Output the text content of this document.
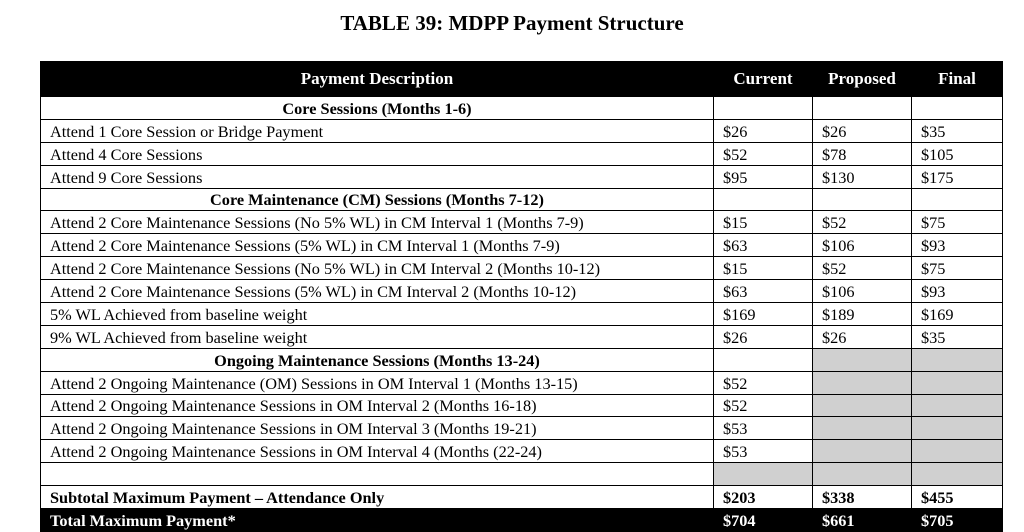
TABLE 39: MDPP Payment Structure
Payment Description	Current	Proposed	Final
Core Sessions (Months 1-6)			
Attend 1 Core Session or Bridge Payment	$26	$26	$35
Attend 4 Core Sessions	$52	$78	$105
Attend 9 Core Sessions	$95	$130	$175
Core Maintenance (CM) Sessions (Months 7-12)			
Attend 2 Core Maintenance Sessions (No 5% WL) in CM Interval 1 (Months 7-9)	$15	$52	$75
Attend 2 Core Maintenance Sessions (5% WL) in CM Interval 1 (Months 7-9)	$63	$106	$93
Attend 2 Core Maintenance Sessions (No 5% WL) in CM Interval 2 (Months 10-12)	$15	$52	$75
Attend 2 Core Maintenance Sessions (5% WL) in CM Interval 2 (Months 10-12)	$63	$106	$93
5% WL Achieved from baseline weight	$169	$189	$169
9% WL Achieved from baseline weight	$26	$26	$35
Ongoing Maintenance Sessions (Months 13-24)			
Attend 2 Ongoing Maintenance (OM) Sessions in OM Interval 1 (Months 13-15)	$52		
Attend 2 Ongoing Maintenance Sessions in OM Interval 2 (Months 16-18)	$52		
Attend 2 Ongoing Maintenance Sessions in OM Interval 3 (Months 19-21)	$53		
Attend 2 Ongoing Maintenance Sessions in OM Interval 4 (Months (22-24)	$53		

Subtotal Maximum Payment – Attendance Only	$203	$338	$455
Total Maximum Payment*	$704	$661	$705
